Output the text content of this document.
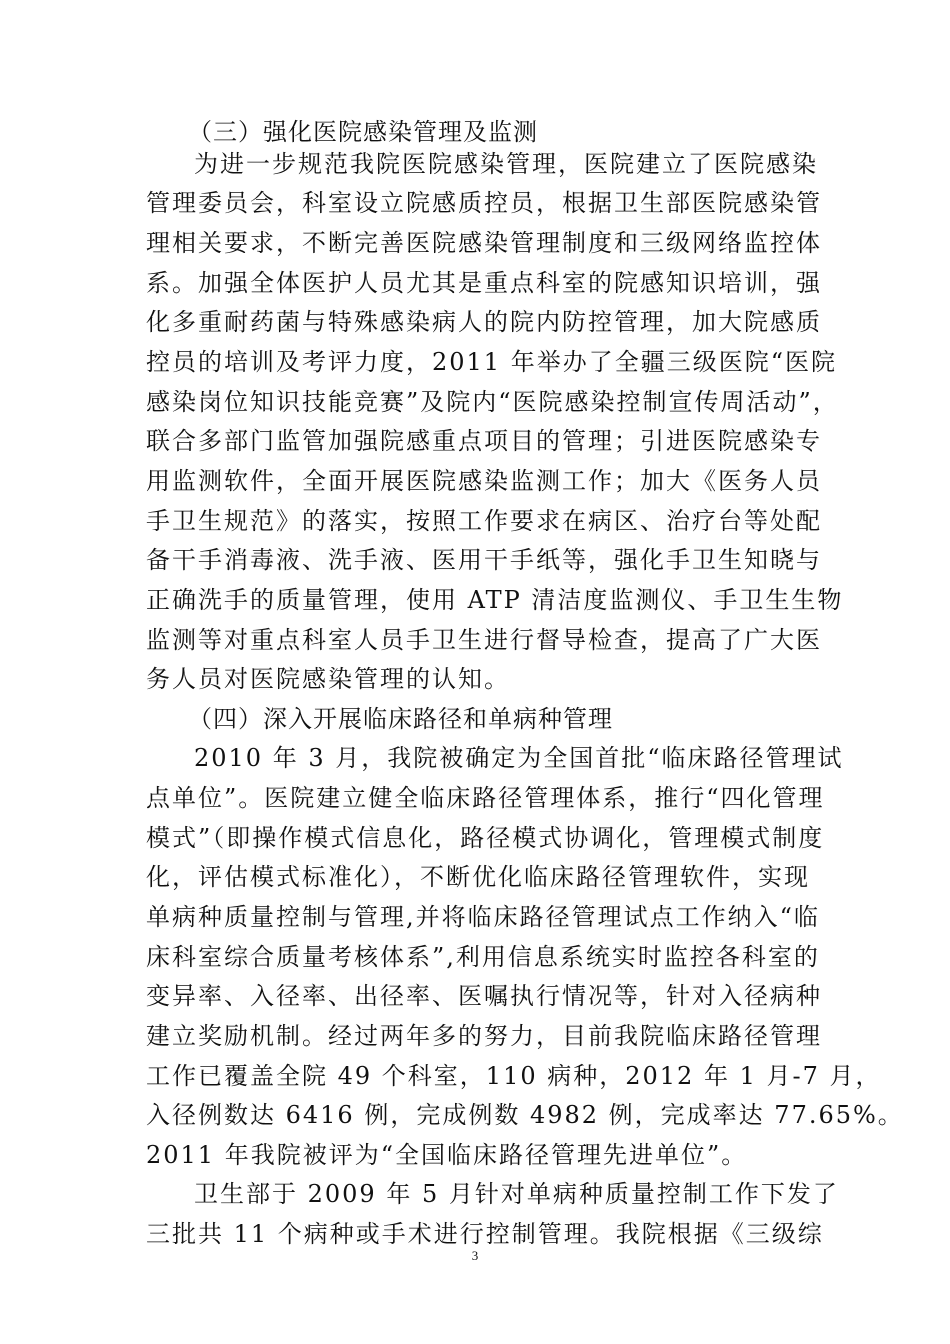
（三）强化医院感染管理及监测
为进一步规范我院医院感染管理，医院建立了医院感染
管理委员会，科室设立院感质控员，根据卫生部医院感染管
理相关要求，不断完善医院感染管理制度和三级网络监控体
系。加强全体医护人员尤其是重点科室的院感知识培训，强
化多重耐药菌与特殊感染病人的院内防控管理，加大院感质
控员的培训及考评力度，2011 年举办了全疆三级医院“医院
感染岗位知识技能竞赛”及院内“医院感染控制宣传周活动”，
联合多部门监管加强院感重点项目的管理；引进医院感染专
用监测软件，全面开展医院感染监测工作；加大《医务人员
手卫生规范》的落实，按照工作要求在病区、治疗台等处配
备干手消毒液、洗手液、医用干手纸等，强化手卫生知晓与
正确洗手的质量管理，使用 ATP 清洁度监测仪、手卫生生物
监测等对重点科室人员手卫生进行督导检查，提高了广大医
务人员对医院感染管理的认知。
（四）深入开展临床路径和单病种管理
2010 年 3 月，我院被确定为全国首批“临床路径管理试
点单位”。医院建立健全临床路径管理体系，推行“四化管理
模式”（即操作模式信息化，路径模式协调化，管理模式制度
化，评估模式标准化），不断优化临床路径管理软件，实现
单病种质量控制与管理,并将临床路径管理试点工作纳入“临
床科室综合质量考核体系”,利用信息系统实时监控各科室的
变异率、入径率、出径率、医嘱执行情况等，针对入径病种
建立奖励机制。经过两年多的努力，目前我院临床路径管理
工作已覆盖全院 49 个科室，110 病种，2012 年 1 月-7 月，
入径例数达 6416 例，完成例数 4982 例，完成率达 77.65%。
2011 年我院被评为“全国临床路径管理先进单位”。
卫生部于 2009 年 5 月针对单病种质量控制工作下发了
三批共 11 个病种或手术进行控制管理。我院根据《三级综
3
